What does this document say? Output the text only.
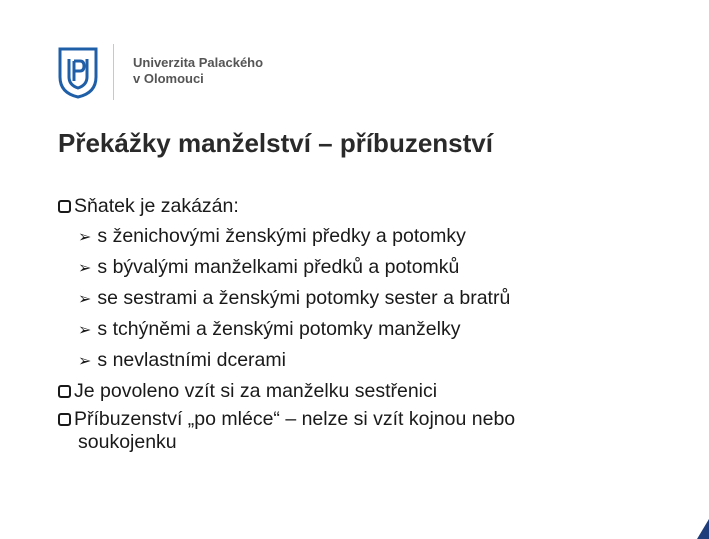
Univerzita Palackého
v Olomouci
Překážky manželství – příbuzenství
Sňatek je zakázán:
➢ s ženichovými ženskými předky a potomky
➢ s bývalými manželkami předků a potomků
➢ se sestrami a ženskými potomky sester a bratrů
➢ s tchýněmi a ženskými potomky manželky
➢ s nevlastními dcerami
Je povoleno vzít si za manželku sestřenici
Příbuzenství „po mléce“ – nelze si vzít kojnou nebo
soukojenku
